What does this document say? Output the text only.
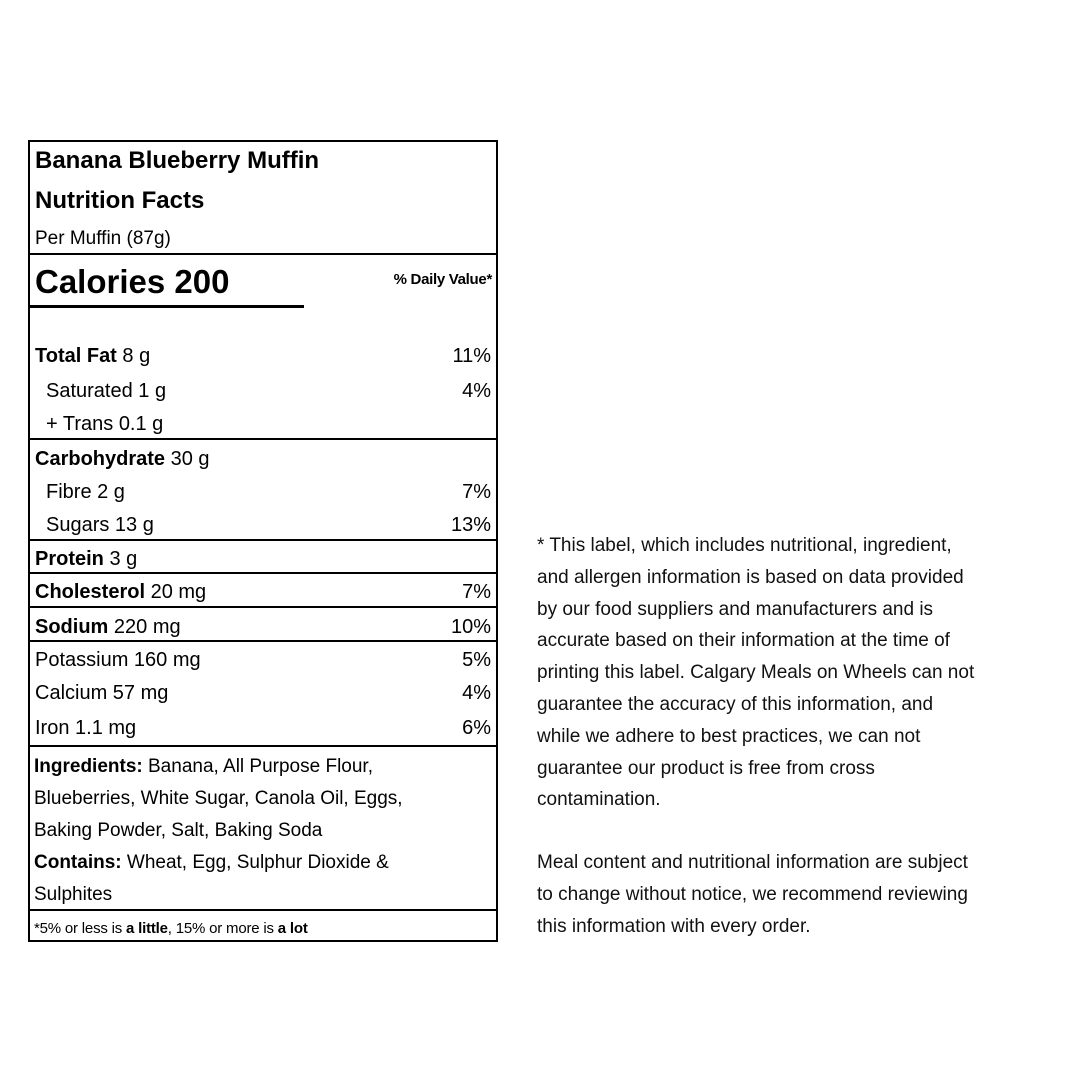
Banana Blueberry Muffin
Nutrition Facts
Per Muffin (87g)
Calories 200	% Daily Value*
Total Fat 8 g	11%
Saturated 1 g	4%
+ Trans 0.1 g
Carbohydrate 30 g
Fibre 2 g	7%
Sugars 13 g	13%
Protein 3 g
Cholesterol 20 mg	7%
Sodium 220 mg	10%
Potassium 160 mg	5%
Calcium 57 mg	4%
Iron 1.1 mg	6%
Ingredients: Banana, All Purpose Flour,
Blueberries, White Sugar, Canola Oil, Eggs,
Baking Powder, Salt, Baking Soda
Contains: Wheat, Egg, Sulphur Dioxide &
Sulphites
*5% or less is a little, 15% or more is a lot
* This label, which includes nutritional, ingredient,
and allergen information is based on data provided
by our food suppliers and manufacturers and is
accurate based on their information at the time of
printing this label. Calgary Meals on Wheels can not
guarantee the accuracy of this information, and
while we adhere to best practices, we can not
guarantee our product is free from cross
contamination.
Meal content and nutritional information are subject
to change without notice, we recommend reviewing
this information with every order.
